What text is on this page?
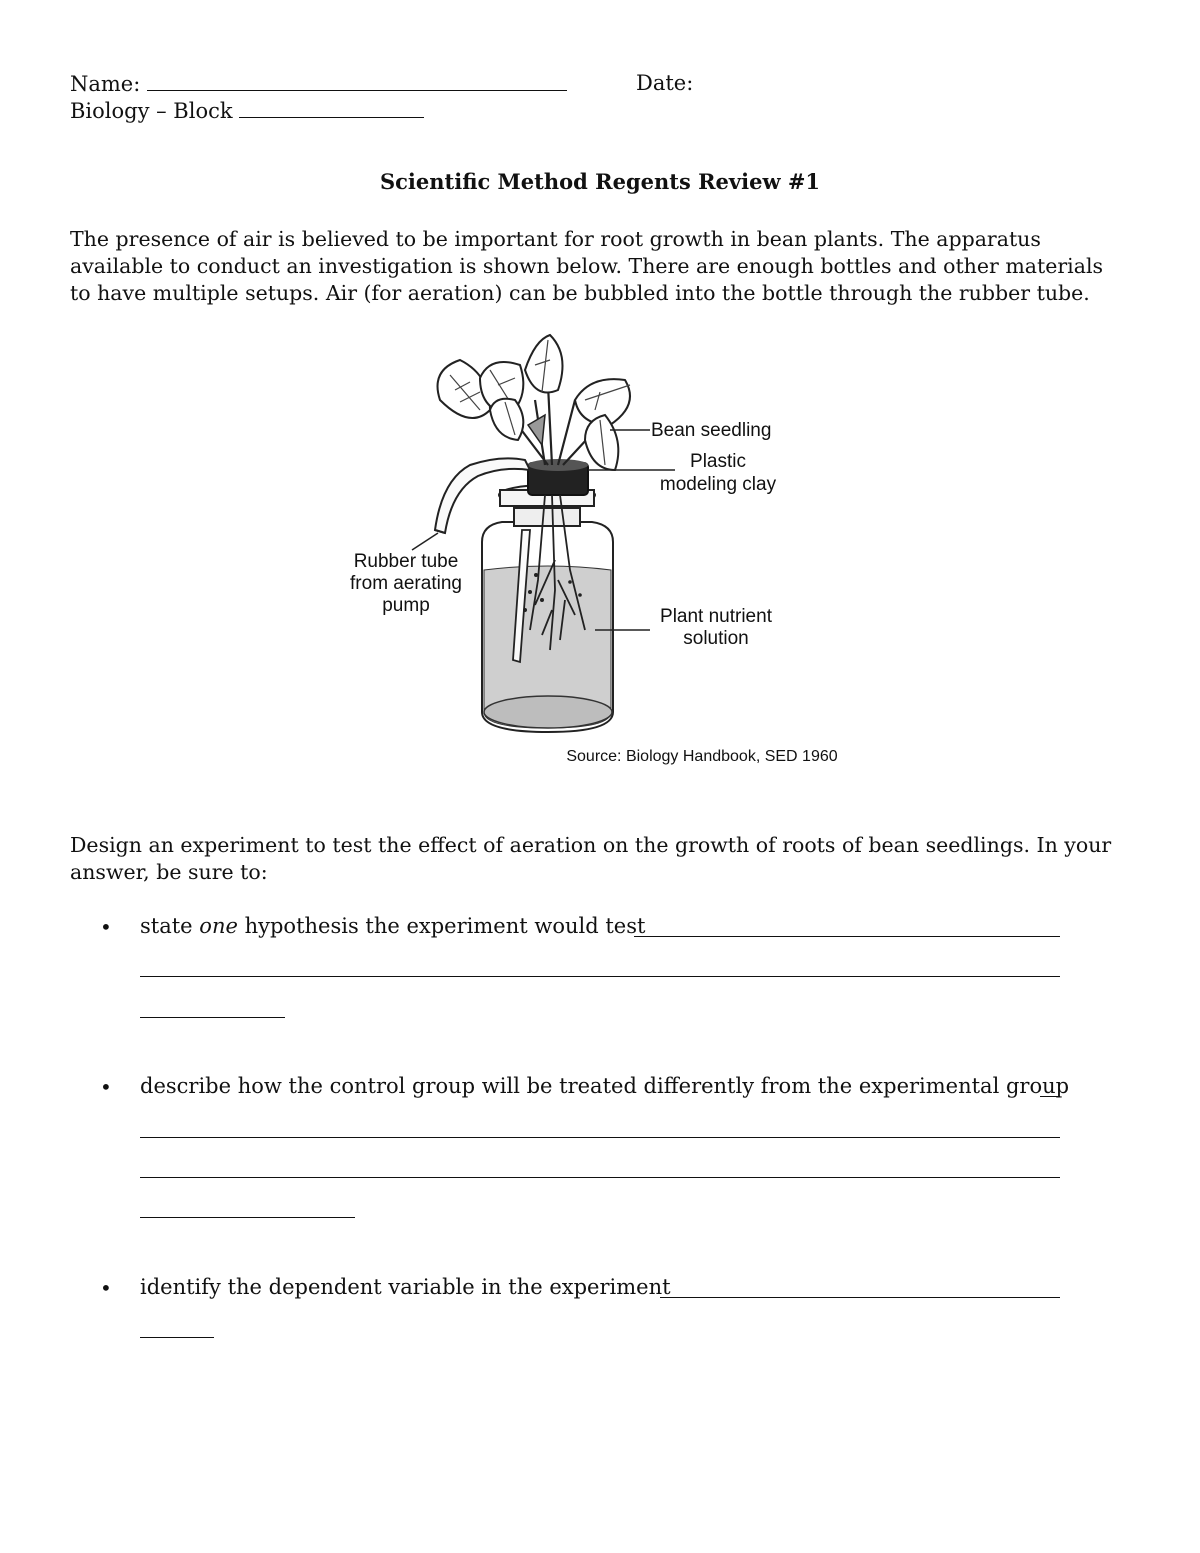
Name:	Date:
Biology – Block
Scientific Method Regents Review #1
The presence of air is believed to be important for root growth in bean plants. The apparatus available to conduct an investigation is shown below. There are enough bottles and other materials to have multiple setups. Air (for aeration) can be bubbled into the bottle through the rubber tube.
Bean seedling
Plastic
modeling clay
Rubber tube
from aerating
pump
Plant nutrient
solution
Source: Biology Handbook, SED 1960
Design an experiment to test the effect of aeration on the growth of roots of bean seedlings. In your answer, be sure to:
• state one hypothesis the experiment would test
• describe how the control group will be treated differently from the experimental group
• identify the dependent variable in the experiment
